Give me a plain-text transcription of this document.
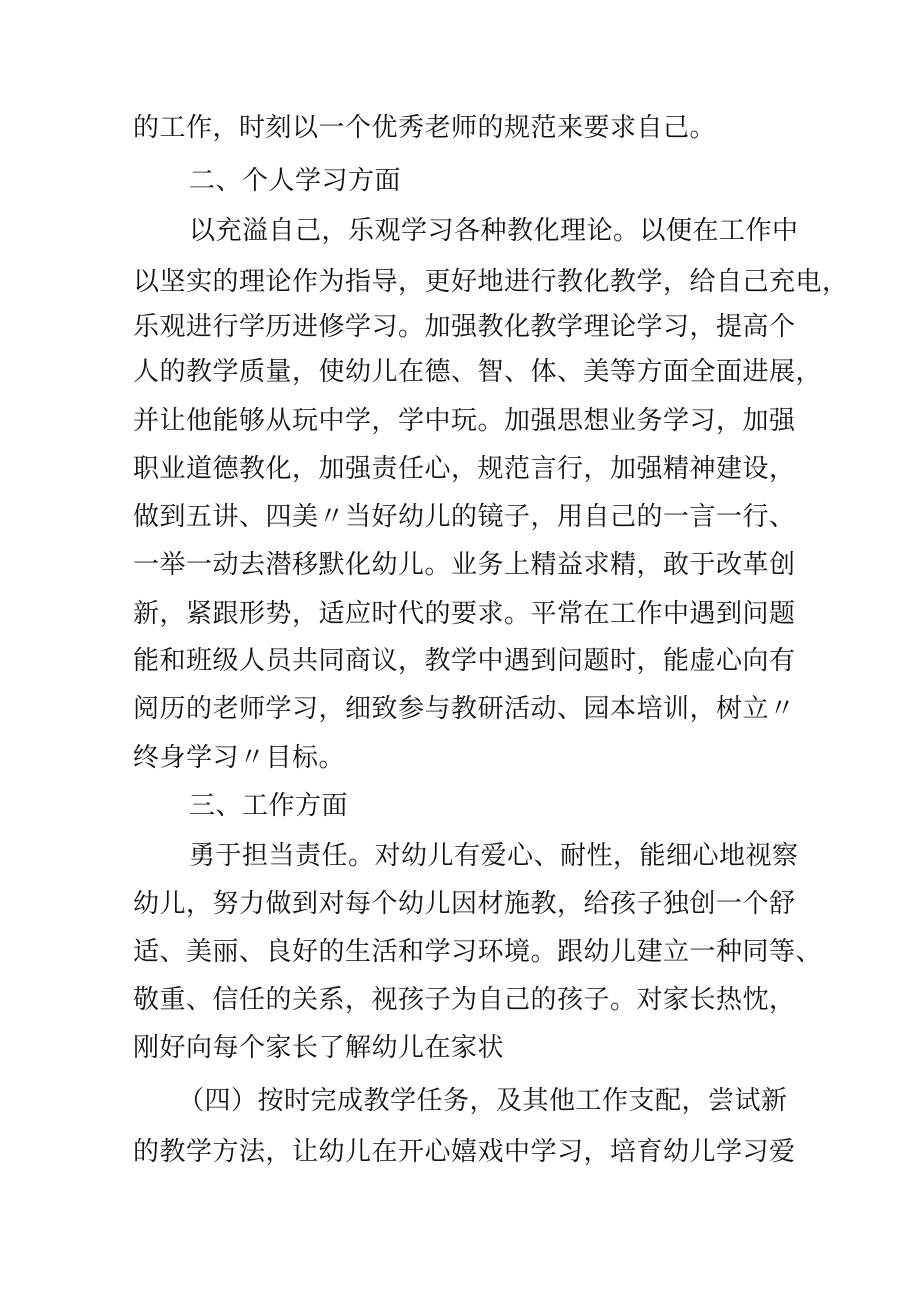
的工作，时刻以一个优秀老师的规范来要求自己。
二、个人学习方面
以充溢自己，乐观学习各种教化理论。以便在工作中
以坚实的理论作为指导，更好地进行教化教学，给自己充电，
乐观进行学历进修学习。加强教化教学理论学习，提高个
人的教学质量，使幼儿在德、智、体、美等方面全面进展，
并让他能够从玩中学，学中玩。加强思想业务学习，加强
职业道德教化，加强责任心，规范言行，加强精神建设，
做到五讲、四美〃当好幼儿的镜子，用自己的一言一行、
一举一动去潜移默化幼儿。业务上精益求精，敢于改革创
新，紧跟形势，适应时代的要求。平常在工作中遇到问题
能和班级人员共同商议，教学中遇到问题时，能虚心向有
阅历的老师学习，细致参与教研活动、园本培训，树立〃
终身学习〃目标。
三、工作方面
勇于担当责任。对幼儿有爱心、耐性，能细心地视察
幼儿，努力做到对每个幼儿因材施教，给孩子独创一个舒
适、美丽、良好的生活和学习环境。跟幼儿建立一种同等、
敬重、信任的关系，视孩子为自己的孩子。对家长热忱，
刚好向每个家长了解幼儿在家状
（四）按时完成教学任务，及其他工作支配，尝试新
的教学方法，让幼儿在开心嬉戏中学习，培育幼儿学习爱
